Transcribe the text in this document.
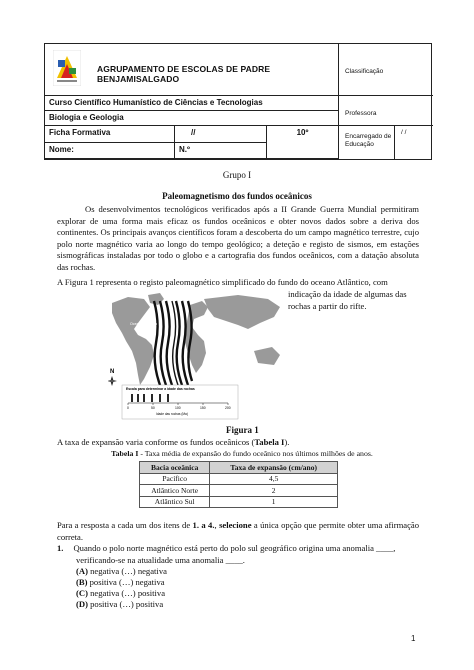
AGRUPAMENTO DE ESCOLAS DE PADRE BENJAMISALGADO
Classificação
Curso Científico Humanístico de Ciências e Tecnologias
Professora
Biologia e Geologia
Ficha Formativa	//	10º	Encarregado de Educação
/ /
Nome:	N.º
Grupo I
Paleomagnetismo dos fundos oceânicos
Os desenvolvimentos tecnológicos verificados após a II Grande Guerra Mundial permitiram explorar de uma forma mais eficaz os fundos oceânicos e obter novos dados sobre a deriva dos continentes. Os principais avanços científicos foram a descoberta do um campo magnético terrestre, cujo polo norte magnético varia ao longo do tempo geológico; a deteção e registo de sismos, em estações sismográficas instaladas por todo o globo e a cartografia dos fundos oceânicos, com a datação absoluta das rochas.
A Figura 1 representa o registo paleomagnético simplificado do fundo do oceano Atlântico, com
indicação da idade de algumas das rochas a partir do rifte.
Oceano Atlântico
N
Escala para determinar a idade das rochas
0	50	100	150	200
Idade das rochas (Ma)
Figura 1
A taxa de expansão varia conforme os fundos oceânicos (Tabela I).
Tabela I - Taxa média de expansão do fundo oceânico nos últimos milhões de anos.
Bacia oceânica	Taxa de expansão (cm/ano)
Pacífico	4,5
Atlântico Norte	2
Atlântico Sul	1
Para a resposta a cada um dos itens de 1. a 4., selecione a única opção que permite obter uma afirmação correta.
1. Quando o polo norte magnético está perto do polo sul geográfico origina uma anomalia ____,
verificando-se na atualidade uma anomalia ____.
(A) negativa (…) negativa
(B) positiva (…) negativa
(C) negativa (…) positiva
(D) positiva (…) positiva
1
